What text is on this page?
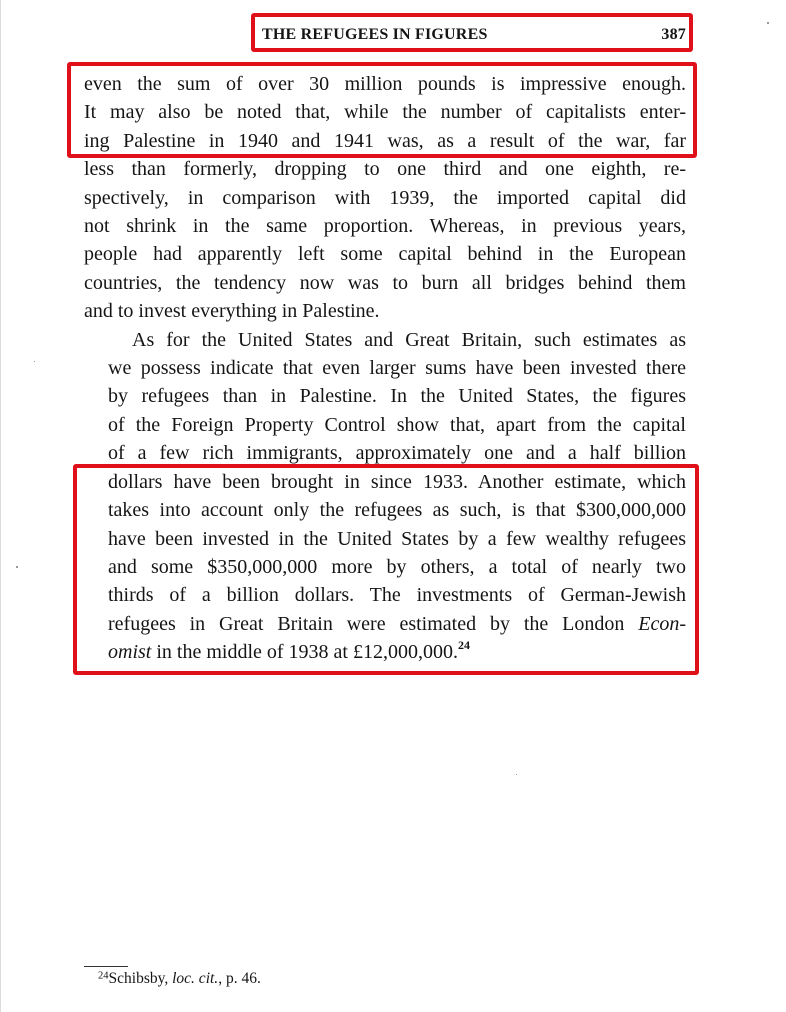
THE REFUGEES IN FIGURES	387

even the sum of over 30 million pounds is impressive enough.
It may also be noted that, while the number of capitalists enter-
ing Palestine in 1940 and 1941 was, as a result of the war, far
less than formerly, dropping to one third and one eighth, re-
spectively, in comparison with 1939, the imported capital did
not shrink in the same proportion. Whereas, in previous years,
people had apparently left some capital behind in the European
countries, the tendency now was to burn all bridges behind them
and to invest everything in Palestine.

As for the United States and Great Britain, such estimates as
we possess indicate that even larger sums have been invested there
by refugees than in Palestine. In the United States, the figures
of the Foreign Property Control show that, apart from the capital
of a few rich immigrants, approximately one and a half billion
dollars have been brought in since 1933. Another estimate, which
takes into account only the refugees as such, is that $300,000,000
have been invested in the United States by a few wealthy refugees
and some $350,000,000 more by others, a total of nearly two
thirds of a billion dollars. The investments of German-Jewish
refugees in Great Britain were estimated by the London Econ-
omist in the middle of 1938 at £12,000,000.24

$^{24}$Schibsby, loc. cit., p. 46.
